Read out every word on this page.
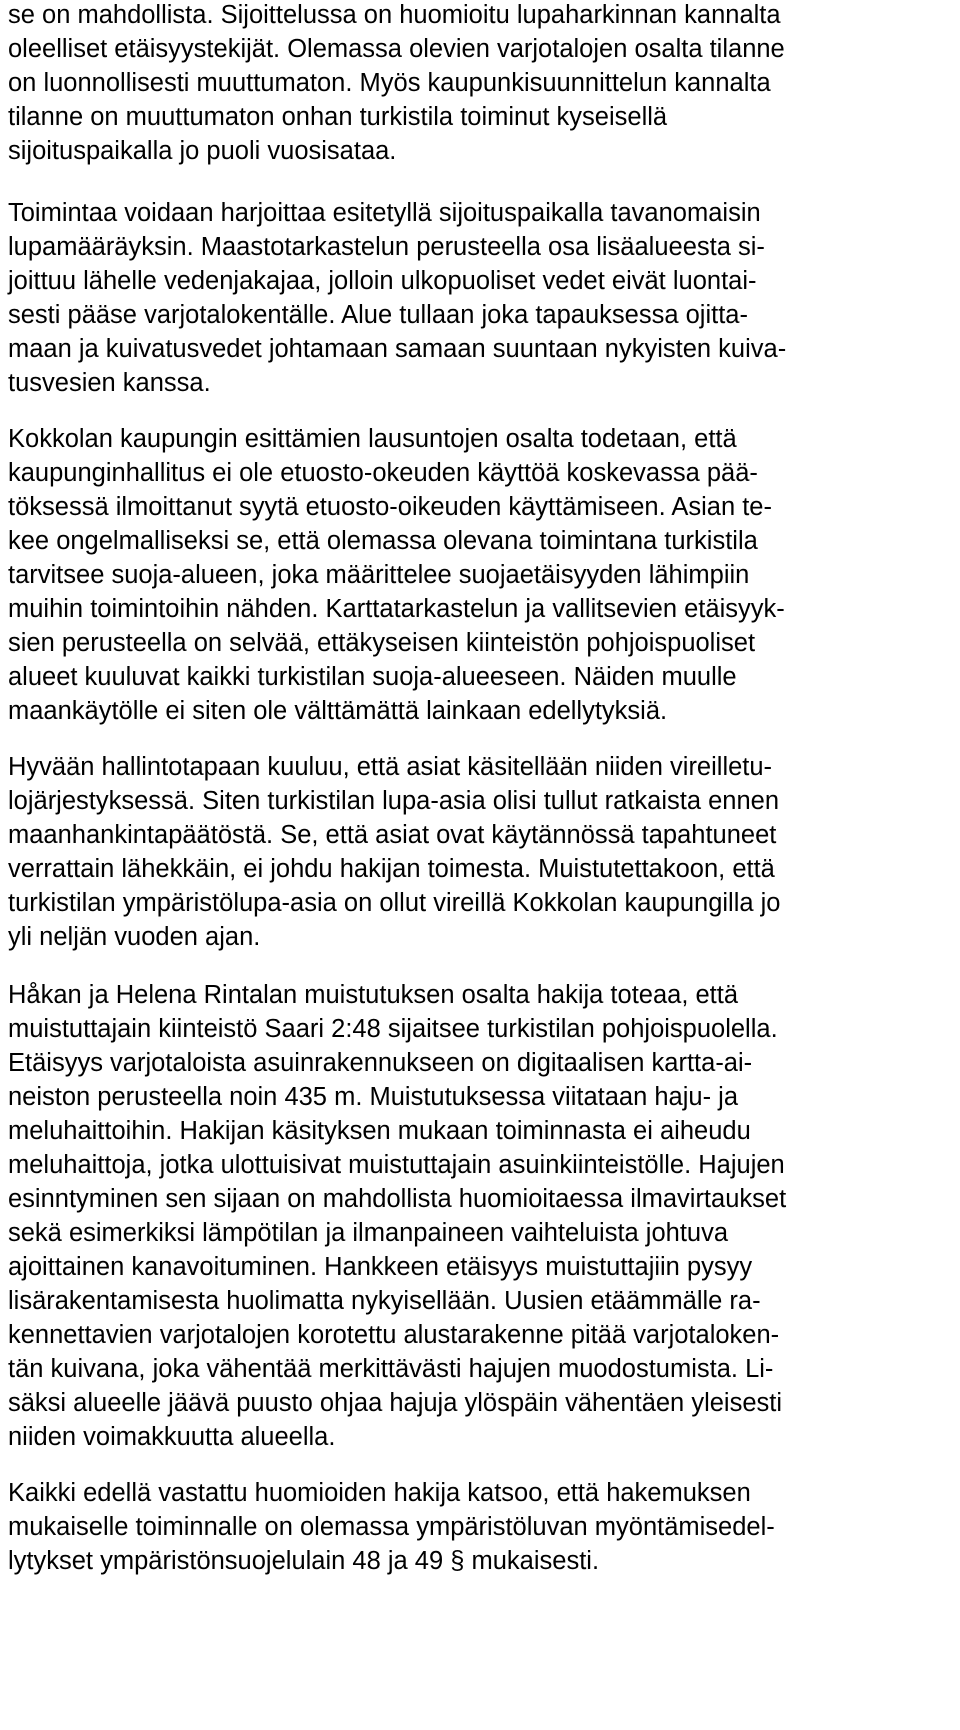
se on mahdollista. Sijoittelussa on huomioitu lupaharkinnan kannalta
oleelliset etäisyystekijät. Olemassa olevien varjotalojen osalta tilanne
on luonnollisesti muuttumaton. Myös kaupunkisuunnittelun kannalta
tilanne on muuttumaton onhan turkistila toiminut kyseisellä
sijoituspaikalla jo puoli vuosisataa.
Toimintaa voidaan harjoittaa esitetyllä sijoituspaikalla tavanomaisin
lupamääräyksin. Maastotarkastelun perusteella osa lisäalueesta si-
joittuu lähelle vedenjakajaa, jolloin ulkopuoliset vedet eivät luontai-
sesti pääse varjotalokentälle. Alue tullaan joka tapauksessa ojitta-
maan ja kuivatusvedet johtamaan samaan suuntaan nykyisten kuiva-
tusvesien kanssa.
Kokkolan kaupungin esittämien lausuntojen osalta todetaan, että
kaupunginhallitus ei ole etuosto-okeuden käyttöä koskevassa pää-
töksessä ilmoittanut syytä etuosto-oikeuden käyttämiseen. Asian te-
kee ongelmalliseksi se, että olemassa olevana toimintana turkistila
tarvitsee suoja-alueen, joka määrittelee suojaetäisyyden lähimpiin
muihin toimintoihin nähden. Karttatarkastelun ja vallitsevien etäisyyk-
sien perusteella on selvää, ettäkyseisen kiinteistön pohjoispuoliset
alueet kuuluvat kaikki turkistilan suoja-alueeseen. Näiden muulle
maankäytölle ei siten ole välttämättä lainkaan edellytyksiä.
Hyvään hallintotapaan kuuluu, että asiat käsitellään niiden vireilletu-
lojärjestyksessä. Siten turkistilan lupa-asia olisi tullut ratkaista ennen
maanhankintapäätöstä. Se, että asiat ovat käytännössä tapahtuneet
verrattain lähekkäin, ei johdu hakijan toimesta. Muistutettakoon, että
turkistilan ympäristölupa-asia on ollut vireillä Kokkolan kaupungilla jo
yli neljän vuoden ajan.
Håkan ja Helena Rintalan muistutuksen osalta hakija toteaa, että
muistuttajain kiinteistö Saari 2:48 sijaitsee turkistilan pohjoispuolella.
Etäisyys varjotaloista asuinrakennukseen on digitaalisen kartta-ai-
neiston perusteella noin 435 m. Muistutuksessa viitataan haju- ja
meluhaittoihin. Hakijan käsityksen mukaan toiminnasta ei aiheudu
meluhaittoja, jotka ulottuisivat muistuttajain asuinkiinteistölle. Hajujen
esinntyminen sen sijaan on mahdollista huomioitaessa ilmavirtaukset
sekä esimerkiksi lämpötilan ja ilmanpaineen vaihteluista johtuva
ajoittainen kanavoituminen. Hankkeen etäisyys muistuttajiin pysyy
lisärakentamisesta huolimatta nykyisellään. Uusien etäämmälle ra-
kennettavien varjotalojen korotettu alustarakenne pitää varjotaloken-
tän kuivana, joka vähentää merkittävästi hajujen muodostumista. Li-
säksi alueelle jäävä puusto ohjaa hajuja ylöspäin vähentäen yleisesti
niiden voimakkuutta alueella.
Kaikki edellä vastattu huomioiden hakija katsoo, että hakemuksen
mukaiselle toiminnalle on olemassa ympäristöluvan myöntämisedel-
lytykset ympäristönsuojelulain 48 ja 49 § mukaisesti.
